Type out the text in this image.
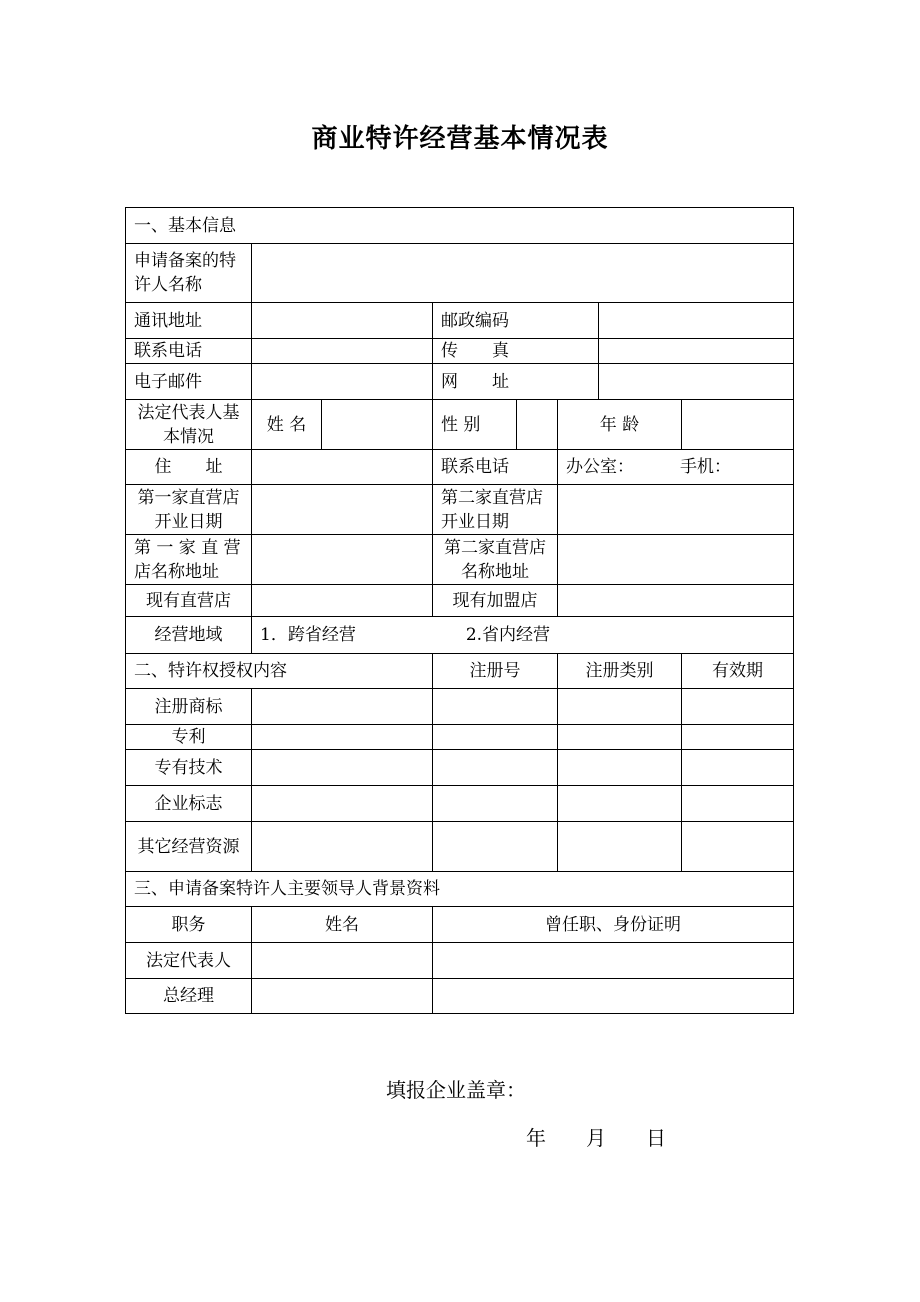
商业特许经营基本情况表
一、基本信息							
申请备案的特许人名称							
通讯地址			邮政编码				
联系电话			传　　真				
电子邮件			网　　址				
法定代表人基本情况	姓 名		性 别		年 龄		
住　　址			联系电话		办公室： 手机：		
第一家直营店开业日期			第二家直营店开业日期				
第 一 家 直 营店名称地址			第二家直营店名称地址				
现有直营店			现有加盟店				
经营地域	1．跨省经营 2.省内经营						
二、特许权授权内容			注册号		注册类别		有效期
注册商标							
专利							
专有技术							
企业标志							
其它经营资源							
三、申请备案特许人主要领导人背景资料							
职务	姓名		曾任职、身份证明				
法定代表人							
总经理							
填报企业盖章：
年　　月　　日
